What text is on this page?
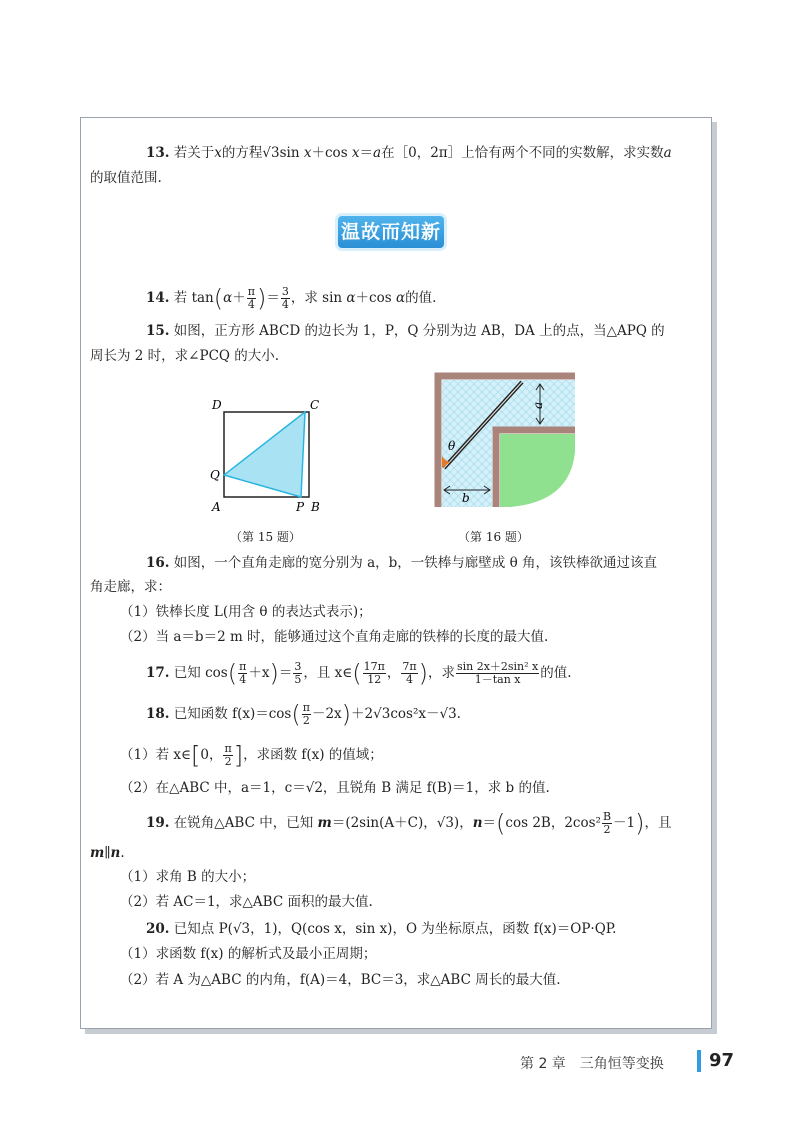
13. 若关于x的方程√3sin x＋cos x＝a在［0，2π］上恰有两个不同的实数解，求实数a
的取值范围.
14. 若 $\tan(\alpha+ \frac{\pi}{4}$ )＝ $\frac{3}{4}$ ，求 sin α＋cos α的值.
15. 如图，正方形 ABCD 的边长为 1，P，Q 分别为边 AB，DA 上的点，当△APQ 的
周长为 2 时，求∠PCQ 的大小.
温故而知新
D	C
Q
A	P B
（第 15 题）
θ
a
b
（第 16 题）
16. 如图，一个直角走廊的宽分别为 a，b，一铁棒与廊壁成 θ 角，该铁棒欲通过该直
角走廊，求：
（1）铁棒长度 L(用含 θ 的表达式表示)；
（2）当 a＝b＝2 m 时，能够通过这个直角走廊的铁棒的长度的最大值.
17. 已知 $\cos( \frac{\pi}{4} +x)= \frac{3}{5}$ ，且 x∈( $\frac{17\pi}{12}$ ， $\frac{7\pi}{4}$ )，求 $\frac{\text{sin 2x＋2sin² x}}{\text{1－tan x}}$ 的值.
18. 已知函数 $f(x)=\cos( \frac{\pi}{2} -2x)+2√3\cos^2x-√3$.
（1）若 x∈[0， $\frac{\pi}{2}$ ]，求函数 f(x) 的值域；
（2）在△ABC 中，a＝1，c＝√2，且锐角 B 满足 f(B)＝1，求 b 的值.
19. 在锐角△ABC 中，已知 m＝(2sin(A＋C)，√3)，n＝(cos 2B，$2\cos^2 \frac{B}{2} -1$)，且
m∥n.
（1）求角 B 的大小；
（2）若 AC＝1，求△ABC 面积的最大值.
20. 已知点 P(√3，1)，Q(cos x，sin x)，O 为坐标原点，函数 f(x)＝OP·QP.
（1）求函数 f(x) 的解析式及最小正周期；
（2）若 A 为△ABC 的内角，f(A)＝4，BC＝3，求△ABC 周长的最大值.
第 2 章　三角恒等变换	97
